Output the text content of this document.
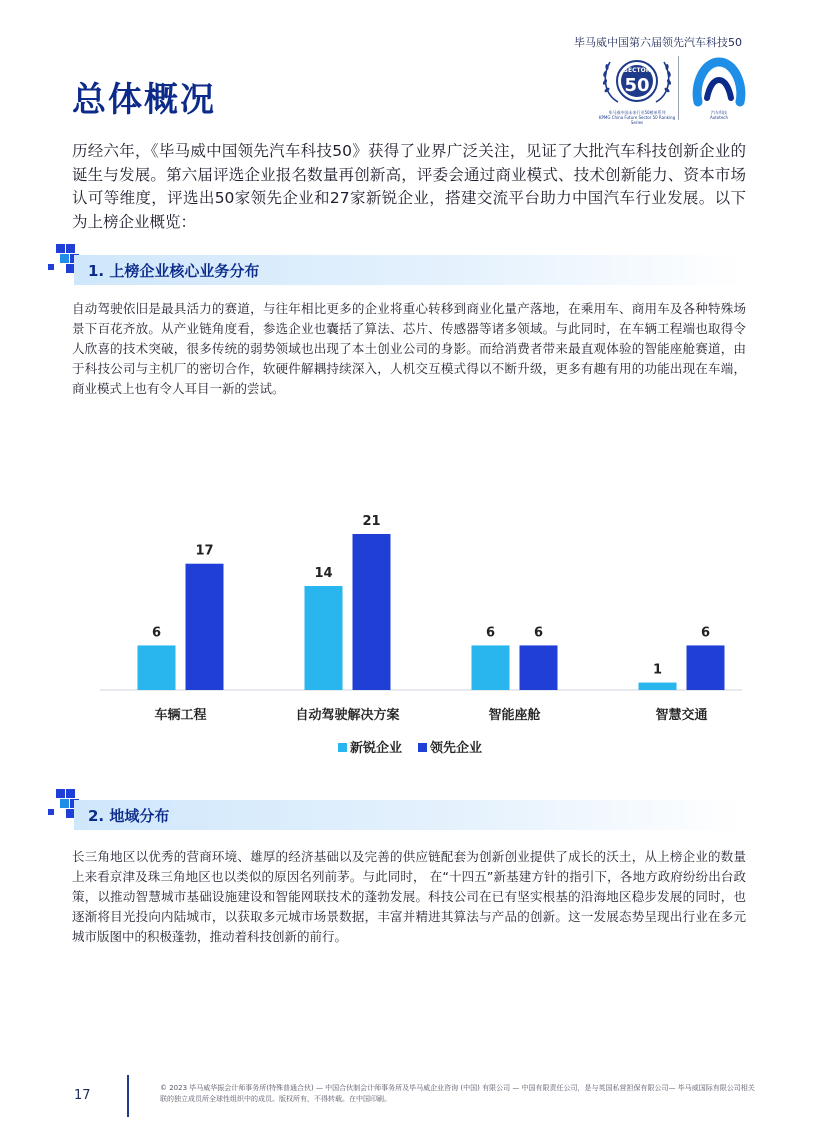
毕马威中国第六届领先汽车科技50
总体概况
SECTOR
50
毕马威中国未来行业50榜单系列
KPMG China Future Sector 50 Ranking Series
汽车科技
Autotech

历经六年，《毕马威中国领先汽车科技50》获得了业界广泛关注，见证了大批汽车科技创新企业的诞生与发展。第六届评选企业报名数量再创新高，评委会通过商业模式、技术创新能力、资本市场认可等维度，评选出50家领先企业和27家新锐企业，搭建交流平台助力中国汽车行业发展。以下为上榜企业概览：

1. 上榜企业核心业务分布

自动驾驶依旧是最具活力的赛道，与往年相比更多的企业将重心转移到商业化量产落地，在乘用车、商用车及各种特殊场景下百花齐放。从产业链角度看，参选企业也囊括了算法、芯片、传感器等诸多领域。与此同时，在车辆工程端也取得令人欣喜的技术突破，很多传统的弱势领域也出现了本土创业公司的身影。而给消费者带来最直观体验的智能座舱赛道，由于科技公司与主机厂的密切合作，软硬件解耦持续深入，人机交互模式得以不断升级，更多有趣有用的功能出现在车端，商业模式上也有令人耳目一新的尝试。

6
17
车辆工程
14
21
自动驾驶解决方案
6	6
智能座舱
1
6
智慧交通
新锐企业 领先企业
2. 地域分布

长三角地区以优秀的营商环境、雄厚的经济基础以及完善的供应链配套为创新创业提供了成长的沃土，从上榜企业的数量上来看京津及珠三角地区也以类似的原因名列前茅。与此同时， 在“十四五”新基建方针的指引下，各地方政府纷纷出台政策，以推动智慧城市基础设施建设和智能网联技术的蓬勃发展。科技公司在已有坚实根基的沿海地区稳步发展的同时，也逐渐将目光投向内陆城市，以获取多元城市场景数据，丰富并精进其算法与产品的创新。这一发展态势呈现出行业在多元城市版图中的积极蓬勃，推动着科技创新的前行。

17	© 2023 毕马威华振会计师事务所(特殊普通合伙) — 中国合伙制会计师事务所及毕马威企业咨询 (中国) 有限公司 — 中国有限责任公司，是与英国私营担保有限公司— 毕马威国际有限公司相关联的独立成员所全球性组织中的成员。版权所有，不得转载。在中国印刷。
